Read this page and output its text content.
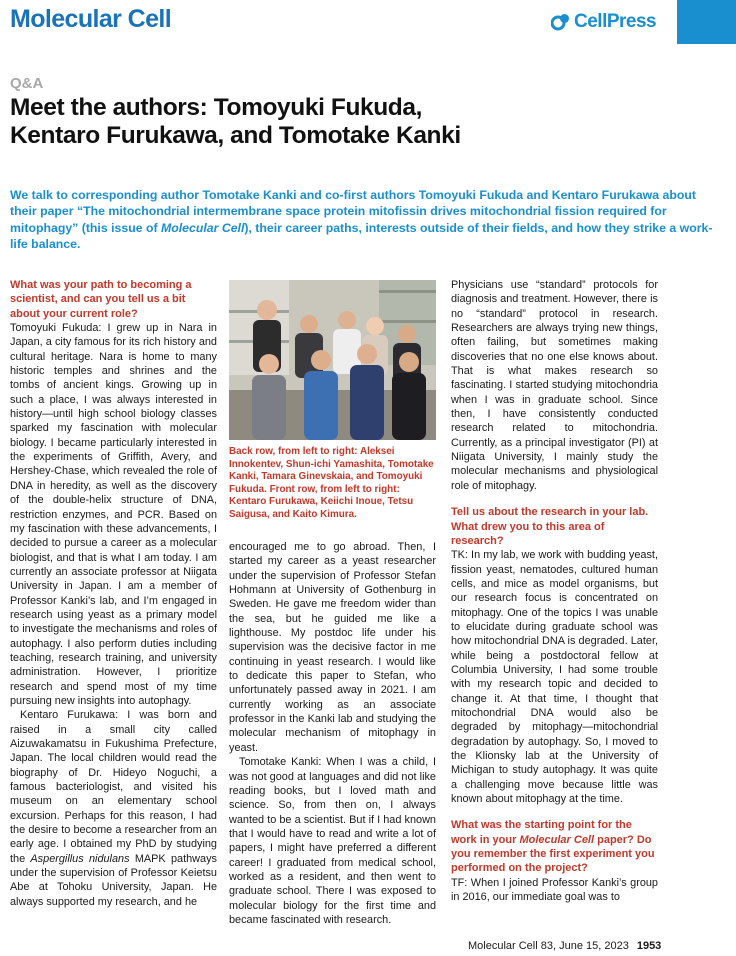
Molecular Cell	CellPress
Q&A
Meet the authors: Tomoyuki Fukuda,
Kentaro Furukawa, and Tomotake Kanki

We talk to corresponding author Tomotake Kanki and co-first authors Tomoyuki Fukuda and Kentaro Furukawa about their paper “The mitochondrial intermembrane space protein mitofissin drives mitochondrial fission required for mitophagy” (this issue of Molecular Cell), their career paths, interests outside of their fields, and how they strike a work-life balance.

What was your path to becoming a scientist, and can you tell us a bit about your current role?

Tomoyuki Fukuda: I grew up in Nara in Japan, a city famous for its rich history and cultural heritage. Nara is home to many historic temples and shrines and the tombs of ancient kings. Growing up in such a place, I was always interested in history—until high school biology classes sparked my fascination with molecular biology. I became particularly interested in the experiments of Griffith, Avery, and Hershey-Chase, which revealed the role of DNA in heredity, as well as the discovery of the double-helix structure of DNA, restriction enzymes, and PCR. Based on my fascination with these advancements, I decided to pursue a career as a molecular biologist, and that is what I am today. I am currently an associate professor at Niigata University in Japan. I am a member of Professor Kanki’s lab, and I’m engaged in research using yeast as a primary model to investigate the mechanisms and roles of autophagy. I also perform duties including teaching, research training, and university administration. However, I prioritize research and spend most of my time pursuing new insights into autophagy.

Kentaro Furukawa: I was born and raised in a small city called Aizuwakamatsu in Fukushima Prefecture, Japan. The local children would read the biography of Dr. Hideyo Noguchi, a famous bacteriologist, and visited his museum on an elementary school excursion. Perhaps for this reason, I had the desire to become a researcher from an early age. I obtained my PhD by studying the Aspergillus nidulans MAPK pathways under the supervision of Professor Keietsu Abe at Tohoku University, Japan. He always supported my research, and he

Back row, from left to right: Aleksei Innokentev, Shun-ichi Yamashita, Tomotake Kanki, Tamara Ginevskaia, and Tomoyuki Fukuda. Front row, from left to right: Kentaro Furukawa, Keiichi Inoue, Tetsu Saigusa, and Kaito Kimura.

encouraged me to go abroad. Then, I started my career as a yeast researcher under the supervision of Professor Stefan Hohmann at University of Gothenburg in Sweden. He gave me freedom wider than the sea, but he guided me like a lighthouse. My postdoc life under his supervision was the decisive factor in me continuing in yeast research. I would like to dedicate this paper to Stefan, who unfortunately passed away in 2021. I am currently working as an associate professor in the Kanki lab and studying the molecular mechanism of mitophagy in yeast.

Tomotake Kanki: When I was a child, I was not good at languages and did not like reading books, but I loved math and science. So, from then on, I always wanted to be a scientist. But if I had known that I would have to read and write a lot of papers, I might have preferred a different career! I graduated from medical school, worked as a resident, and then went to graduate school. There I was exposed to molecular biology for the first time and became fascinated with research.

Physicians use “standard” protocols for diagnosis and treatment. However, there is no “standard” protocol in research. Researchers are always trying new things, often failing, but sometimes making discoveries that no one else knows about. That is what makes research so fascinating. I started studying mitochondria when I was in graduate school. Since then, I have consistently conducted research related to mitochondria. Currently, as a principal investigator (PI) at Niigata University, I mainly study the molecular mechanisms and physiological role of mitophagy.

Tell us about the research in your lab. What drew you to this area of research?

TK: In my lab, we work with budding yeast, fission yeast, nematodes, cultured human cells, and mice as model organisms, but our research focus is concentrated on mitophagy. One of the topics I was unable to elucidate during graduate school was how mitochondrial DNA is degraded. Later, while being a postdoctoral fellow at Columbia University, I had some trouble with my research topic and decided to change it. At that time, I thought that mitochondrial DNA would also be degraded by mitophagy—mitochondrial degradation by autophagy. So, I moved to the Klionsky lab at the University of Michigan to study autophagy. It was quite a challenging move because little was known about mitophagy at the time.

What was the starting point for the work in your Molecular Cell paper? Do you remember the first experiment you performed on the project?

TF: When I joined Professor Kanki’s group in 2016, our immediate goal was to

Molecular Cell 83, June 15, 2023 1953
